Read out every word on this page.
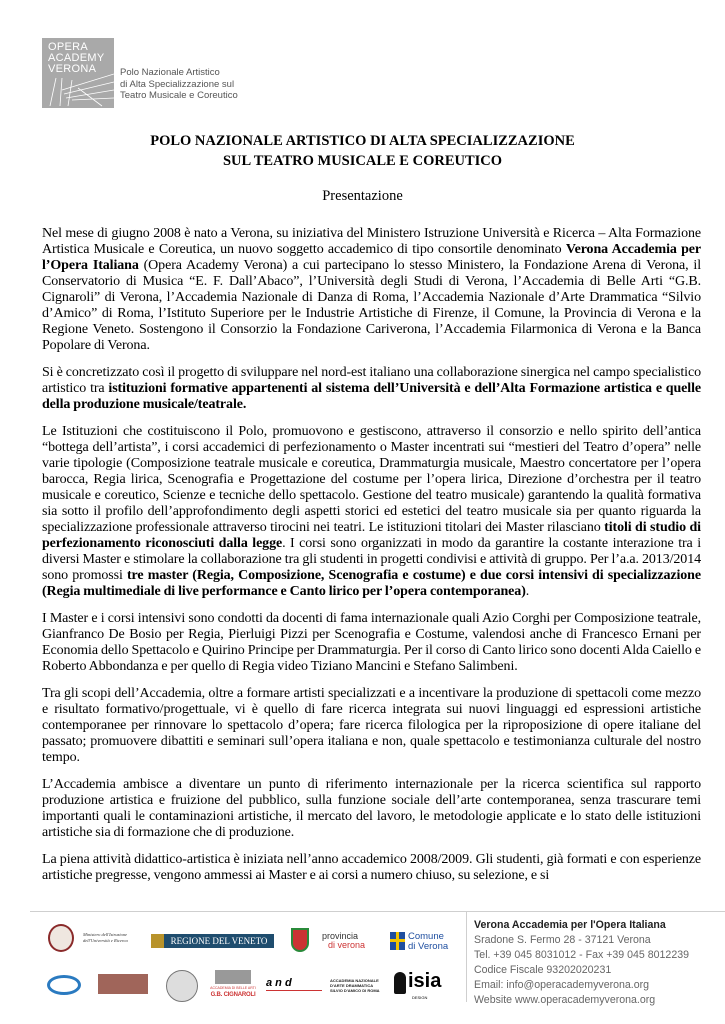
OPERA
ACADEMY
VERONA	Polo Nazionale Artistico
di Alta Specializzazione sul
Teatro Musicale e Coreutico
POLO NAZIONALE ARTISTICO DI ALTA SPECIALIZZAZIONE
SUL TEATRO MUSICALE E COREUTICO
Presentazione

Nel mese di giugno 2008 è nato a Verona, su iniziativa del Ministero Istruzione Università e Ricerca – Alta Formazione Artistica Musicale e Coreutica, un nuovo soggetto accademico di tipo consortile denominato Verona Accademia per l’Opera Italiana (Opera Academy Verona) a cui partecipano lo stesso Ministero, la Fondazione Arena di Verona, il Conservatorio di Musica “E. F. Dall’Abaco”, l’Università degli Studi di Verona, l’Accademia di Belle Arti “G.B. Cignaroli” di Verona, l’Accademia Nazionale di Danza di Roma, l’Accademia Nazionale d’Arte Drammatica “Silvio d’Amico” di Roma, l’Istituto Superiore per le Industrie Artistiche di Firenze, il Comune, la Provincia di Verona e la Regione Veneto. Sostengono il Consorzio la Fondazione Cariverona, l’Accademia Filarmonica di Verona e la Banca Popolare di Verona.

Si è concretizzato così il progetto di sviluppare nel nord-est italiano una collaborazione sinergica nel campo specialistico artistico tra istituzioni formative appartenenti al sistema dell’Università e dell’Alta Formazione artistica e quelle della produzione musicale/teatrale.

Le Istituzioni che costituiscono il Polo, promuovono e gestiscono, attraverso il consorzio e nello spirito dell’antica “bottega dell’artista”, i corsi accademici di perfezionamento o Master incentrati sui “mestieri del Teatro d’opera” nelle varie tipologie (Composizione teatrale musicale e coreutica, Drammaturgia musicale, Maestro concertatore per l’opera barocca, Regia lirica, Scenografia e Progettazione del costume per l’opera lirica, Direzione d’orchestra per il teatro musicale e coreutico, Scienze e tecniche dello spettacolo. Gestione del teatro musicale) garantendo la qualità formativa sia sotto il profilo dell’approfondimento degli aspetti storici ed estetici del teatro musicale sia per quanto riguarda la specializzazione professionale attraverso tirocini nei teatri. Le istituzioni titolari dei Master rilasciano titoli di studio di perfezionamento riconosciuti dalla legge. I corsi sono organizzati in modo da garantire la costante interazione tra i diversi Master e stimolare la collaborazione tra gli studenti in progetti condivisi e attività di gruppo. Per l’a.a. 2013/2014 sono promossi tre master (Regia, Composizione, Scenografia e costume) e due corsi intensivi di specializzazione (Regia multimediale di live performance e Canto lirico per l’opera contemporanea).

I Master e i corsi intensivi sono condotti da docenti di fama internazionale quali Azio Corghi per Composizione teatrale, Gianfranco De Bosio per Regia, Pierluigi Pizzi per Scenografia e Costume, valendosi anche di Francesco Ernani per Economia dello Spettacolo e Quirino Principe per Drammaturgia. Per il corso di Canto lirico sono docenti Alda Caiello e Roberto Abbondanza e per quello di Regia video Tiziano Mancini e Stefano Salimbeni.

Tra gli scopi dell’Accademia, oltre a formare artisti specializzati e a incentivare la produzione di spettacoli come mezzo e risultato formativo/progettuale, vi è quello di fare ricerca integrata sui nuovi linguaggi ed espressioni artistiche contemporanee per rinnovare lo spettacolo d’opera; fare ricerca filologica per la riproposizione di opere italiane del passato; promuovere dibattiti e seminari sull’opera italiana e non, quale spettacolo e testimonianza culturale del nostro tempo.

L’Accademia ambisce a diventare un punto di riferimento internazionale per la ricerca scientifica sul rapporto produzione artistica e fruizione del pubblico, sulla funzione sociale dell’arte contemporanea, senza trascurare temi importanti quali le contaminazioni artistiche, il mercato del lavoro, le metodologie applicate e lo stato delle istituzioni artistiche sia di formazione che di produzione.

La piena attività didattico-artistica è iniziata nell’anno accademico 2008/2009. Gli studenti, già formati e con esperienze artistiche pregresse, vengono ammessi ai Master e ai corsi a numero chiuso, su selezione, e si

Ministero dell'Istruzione dell'Università e Ricerca	REGIONE DEL VENETO	provincia
di verona
Comune
di Verona
ACCADEMIA DI BELLE ARTI
G.B. CIGNAROLI
a n d	ACCADEMIA NAZIONALE
D'ARTE DRAMMATICA
SILVIO D'AMICO DI ROMA isia
DESIGN
Verona Accademia per l'Opera Italiana
Sradone S. Fermo 28 - 37121 Verona
Tel. +39 045 8031012 - Fax +39 045 8012239
Codice Fiscale 93202020231
Email: info@operacademyverona.org
Website www.operacademyverona.org
